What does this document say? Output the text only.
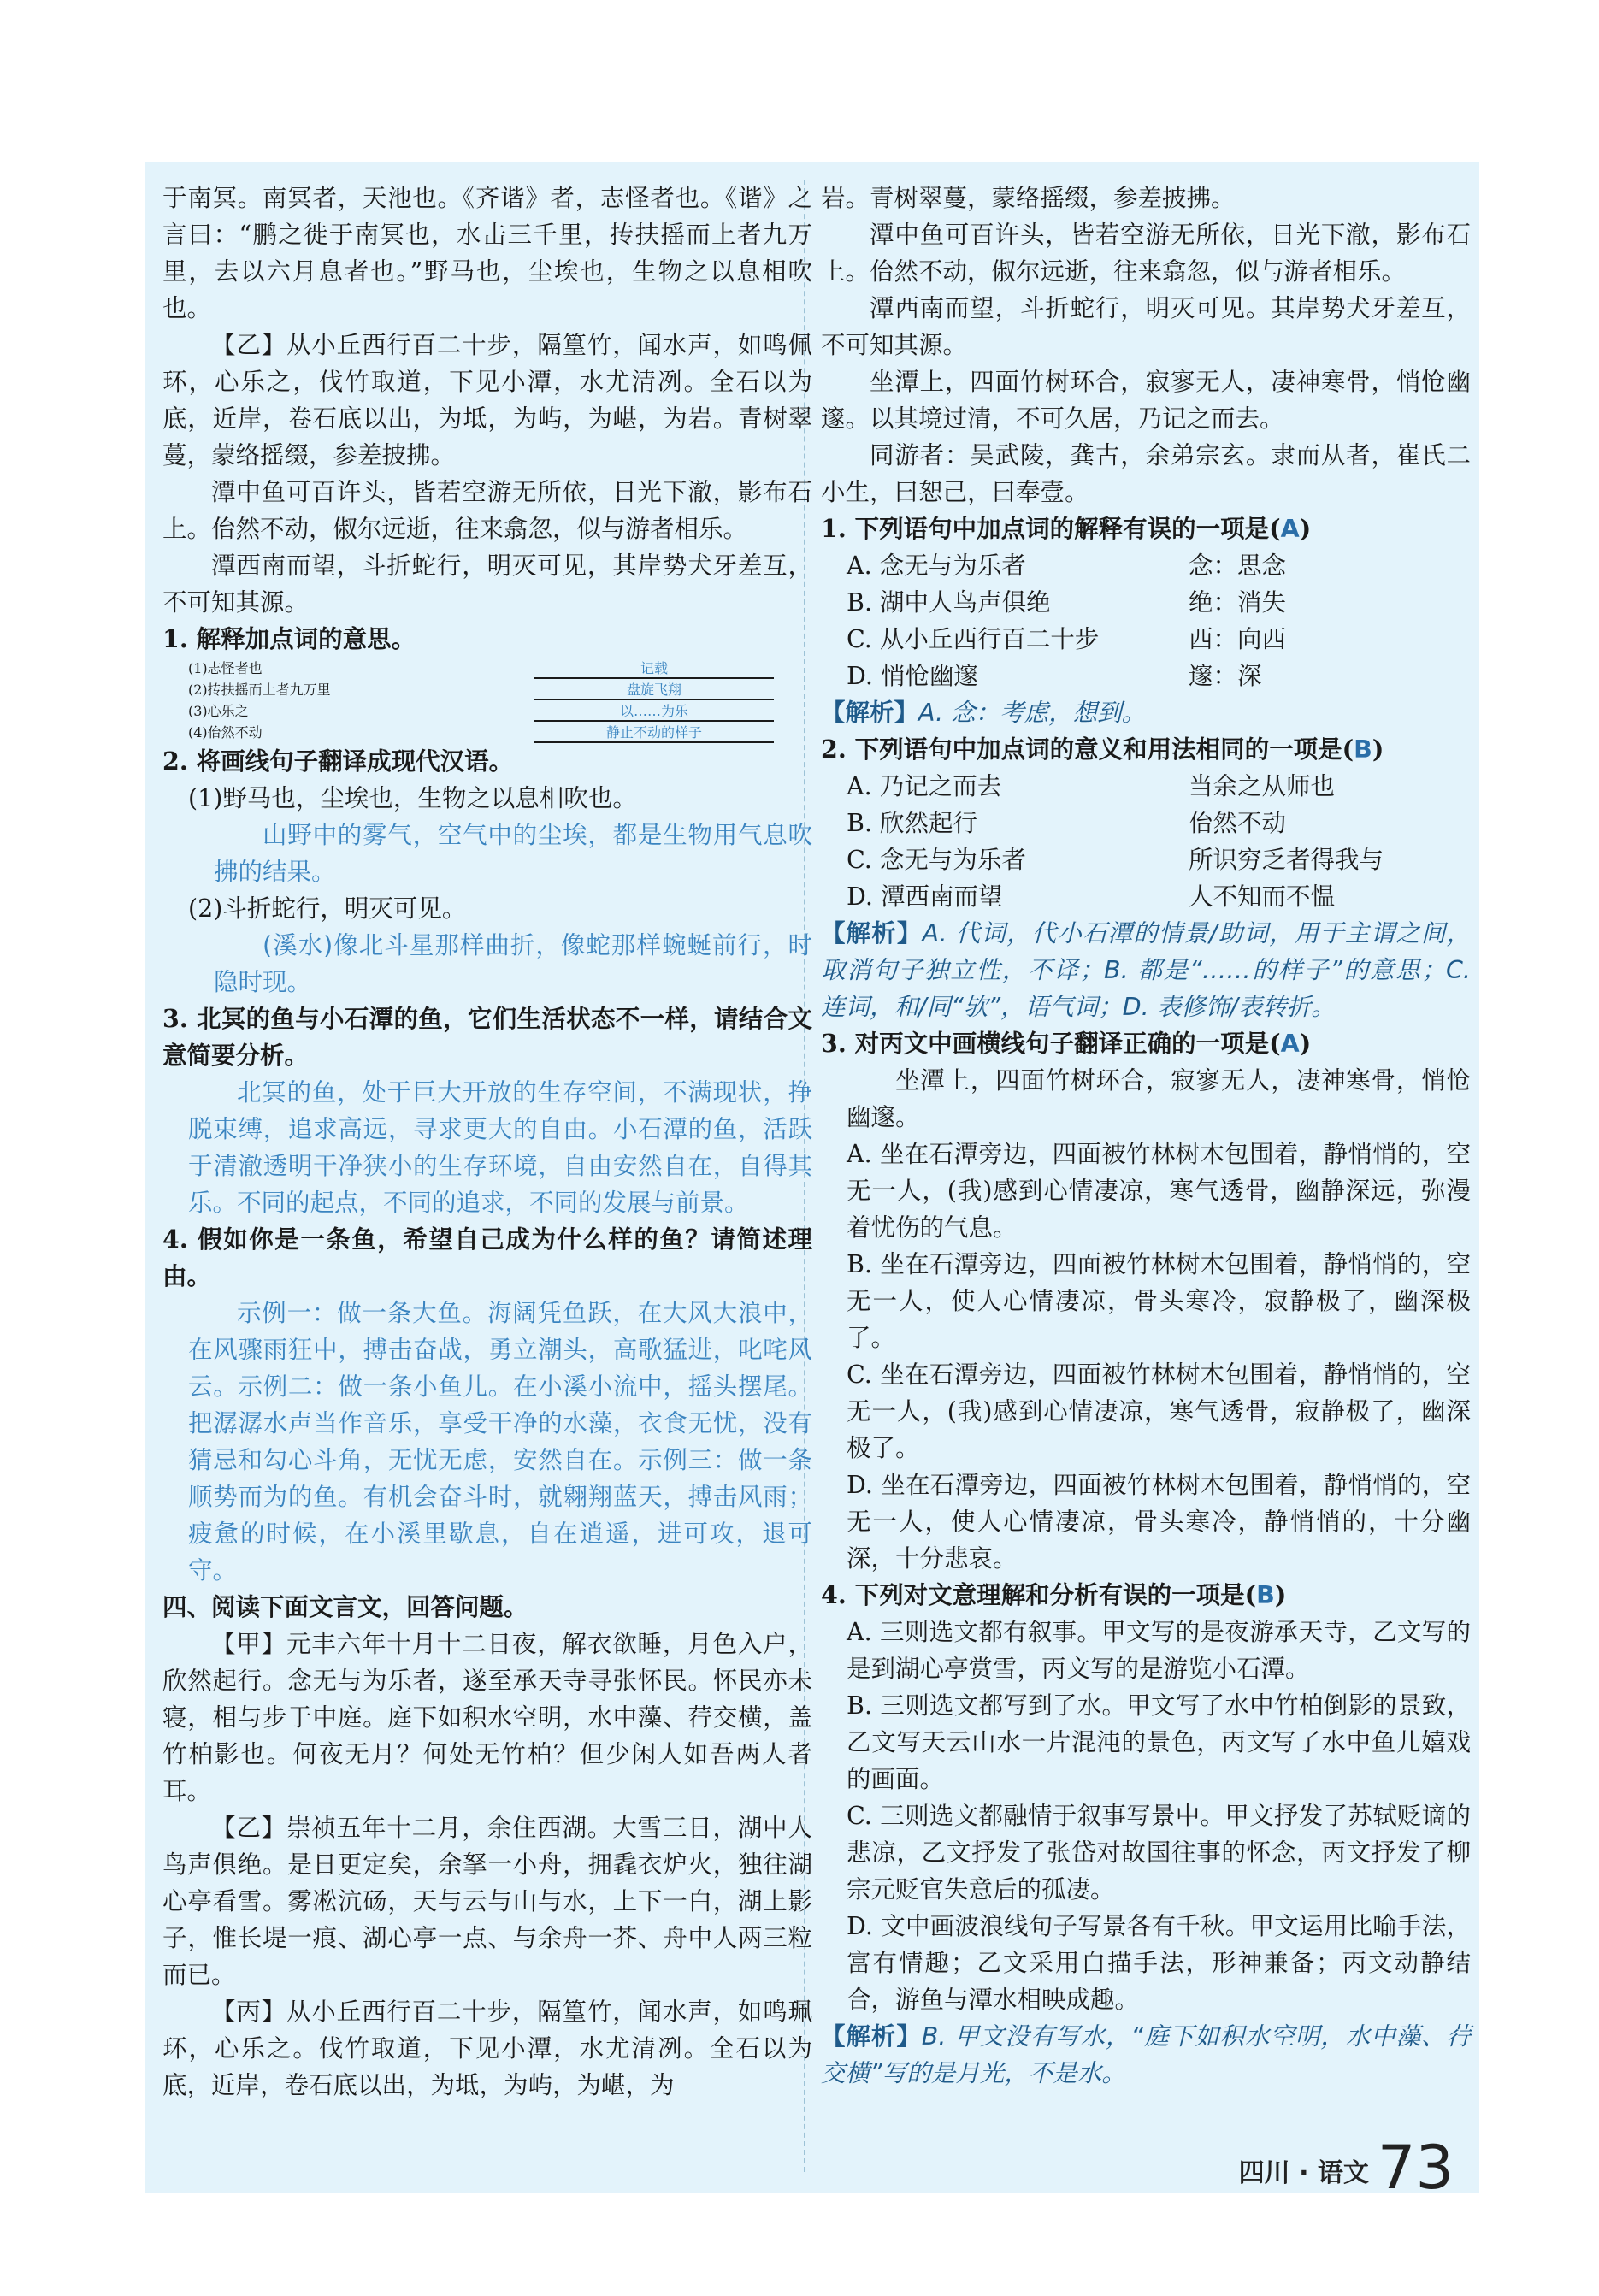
于南冥。南冥者，天池也。《齐谐》者，志怪者也。《谐》之言曰：“鹏之徙于南冥也，水击三千里，抟扶摇而上者九万里，去以六月息者也。”野马也，尘埃也，生物之以息相吹也。

【乙】从小丘西行百二十步，隔篁竹，闻水声，如鸣佩环，心乐之，伐竹取道，下见小潭，水尤清冽。全石以为底，近岸，卷石底以出，为坻，为屿，为嵁，为岩。青树翠蔓，蒙络摇缀，参差披拂。

潭中鱼可百许头，皆若空游无所依，日光下澈，影布石上。佁然不动，俶尔远逝，往来翕忽，似与游者相乐。

潭西南而望，斗折蛇行，明灭可见，其岸势犬牙差互，不可知其源。

1. 解释加点词的意思。

(1)志怪者也	记载
(2)抟扶摇而上者九万里	盘旋飞翔
(3)心乐之	以……为乐
(4)佁然不动	静止不动的样子

2. 将画线句子翻译成现代汉语。

(1)野马也，尘埃也，生物之以息相吹也。

山野中的雾气，空气中的尘埃，都是生物用气息吹拂的结果。

(2)斗折蛇行，明灭可见。

(溪水)像北斗星那样曲折，像蛇那样蜿蜒前行，时隐时现。

3. 北冥的鱼与小石潭的鱼，它们生活状态不一样，请结合文意简要分析。

北冥的鱼，处于巨大开放的生存空间，不满现状，挣脱束缚，追求高远，寻求更大的自由。小石潭的鱼，活跃于清澈透明干净狭小的生存环境，自由安然自在，自得其乐。不同的起点，不同的追求，不同的发展与前景。

4. 假如你是一条鱼，希望自己成为什么样的鱼？请简述理由。

示例一：做一条大鱼。海阔凭鱼跃，在大风大浪中，在风骤雨狂中，搏击奋战，勇立潮头，高歌猛进，叱咤风云。示例二：做一条小鱼儿。在小溪小流中，摇头摆尾。把潺潺水声当作音乐，享受干净的水藻，衣食无忧，没有猜忌和勾心斗角，无忧无虑，安然自在。示例三：做一条顺势而为的鱼。有机会奋斗时，就翱翔蓝天，搏击风雨；疲惫的时候，在小溪里歇息，自在逍遥，进可攻，退可守。

四、阅读下面文言文，回答问题。

【甲】元丰六年十月十二日夜，解衣欲睡，月色入户，欣然起行。念无与为乐者，遂至承天寺寻张怀民。怀民亦未寝，相与步于中庭。庭下如积水空明，水中藻、荇交横，盖竹柏影也。何夜无月？何处无竹柏？但少闲人如吾两人者耳。

【乙】崇祯五年十二月，余住西湖。大雪三日，湖中人鸟声俱绝。是日更定矣，余拏一小舟，拥毳衣炉火，独往湖心亭看雪。雾凇沆砀，天与云与山与水，上下一白，湖上影子，惟长堤一痕、湖心亭一点、与余舟一芥、舟中人两三粒而已。

【丙】从小丘西行百二十步，隔篁竹，闻水声，如鸣珮环，心乐之。伐竹取道，下见小潭，水尤清冽。全石以为底，近岸，卷石底以出，为坻，为屿，为嵁，为

岩。青树翠蔓，蒙络摇缀，参差披拂。

潭中鱼可百许头，皆若空游无所依，日光下澈，影布石上。佁然不动，俶尔远逝，往来翕忽，似与游者相乐。

潭西南而望，斗折蛇行，明灭可见。其岸势犬牙差互，不可知其源。

坐潭上，四面竹树环合，寂寥无人，凄神寒骨，悄怆幽邃。以其境过清，不可久居，乃记之而去。

同游者：吴武陵，龚古，余弟宗玄。隶而从者，崔氏二小生，曰恕己，曰奉壹。

1. 下列语句中加点词的解释有误的一项是(A)

A. 念无与为乐者	念：思念

B. 湖中人鸟声俱绝	绝：消失

C. 从小丘西行百二十步	西：向西

D. 悄怆幽邃	邃：深

【解析】A. 念：考虑，想到。

2. 下列语句中加点词的意义和用法相同的一项是(B)

A. 乃记之而去	当余之从师也

B. 欣然起行	佁然不动

C. 念无与为乐者	所识穷乏者得我与

D. 潭西南而望	人不知而不愠

【解析】A. 代词，代小石潭的情景/助词，用于主谓之间，取消句子独立性，不译；B. 都是“……的样子”的意思；C. 连词，和/同“欤”，语气词；D. 表修饰/表转折。

3. 对丙文中画横线句子翻译正确的一项是(A)

坐潭上，四面竹树环合，寂寥无人，凄神寒骨，悄怆幽邃。

A. 坐在石潭旁边，四面被竹林树木包围着，静悄悄的，空无一人，(我)感到心情凄凉，寒气透骨，幽静深远，弥漫着忧伤的气息。

B. 坐在石潭旁边，四面被竹林树木包围着，静悄悄的，空无一人，使人心情凄凉，骨头寒冷，寂静极了，幽深极了。

C. 坐在石潭旁边，四面被竹林树木包围着，静悄悄的，空无一人，(我)感到心情凄凉，寒气透骨，寂静极了，幽深极了。

D. 坐在石潭旁边，四面被竹林树木包围着，静悄悄的，空无一人，使人心情凄凉，骨头寒冷，静悄悄的，十分幽深，十分悲哀。

4. 下列对文意理解和分析有误的一项是(B)

A. 三则选文都有叙事。甲文写的是夜游承天寺，乙文写的是到湖心亭赏雪，丙文写的是游览小石潭。

B. 三则选文都写到了水。甲文写了水中竹柏倒影的景致，乙文写天云山水一片混沌的景色，丙文写了水中鱼儿嬉戏的画面。

C. 三则选文都融情于叙事写景中。甲文抒发了苏轼贬谪的悲凉，乙文抒发了张岱对故国往事的怀念，丙文抒发了柳宗元贬官失意后的孤凄。

D. 文中画波浪线句子写景各有千秋。甲文运用比喻手法，富有情趣；乙文采用白描手法，形神兼备；丙文动静结合，游鱼与潭水相映成趣。

【解析】B. 甲文没有写水，“庭下如积水空明，水中藻、荇交横”写的是月光，不是水。

四川 · 语文 73
